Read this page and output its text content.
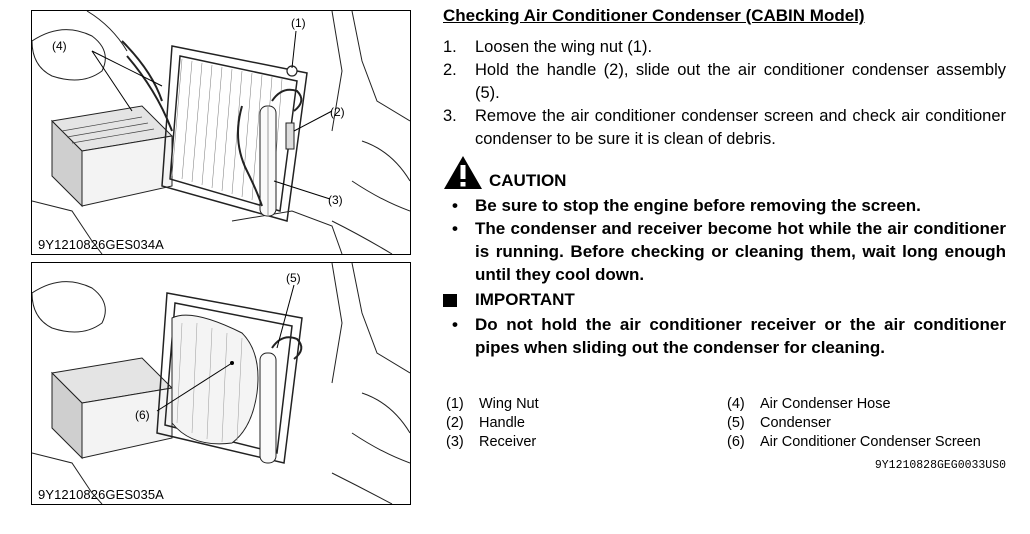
(1)
(4)
(2)
(3)
9Y1210826GES034A
(5)
(6)
9Y1210826GES035A
Checking Air Conditioner Condenser (CABIN Model)
1. Loosen the wing nut (1).
2. Hold the handle (2), slide out the air conditioner condenser assembly (5).
3. Remove the air conditioner condenser screen and check air conditioner condenser to be sure it is clean of debris.
CAUTION
• Be sure to stop the engine before removing the screen.
• The condenser and receiver become hot while the air conditioner is running. Before checking or cleaning them, wait long enough until they cool down.
IMPORTANT
• Do not hold the air conditioner receiver or the air conditioner pipes when sliding out the condenser for cleaning.
(1) Wing Nut
(2) Handle
(3) Receiver
(4) Air Condenser Hose
(5) Condenser
(6) Air Conditioner Condenser Screen
9Y1210828GEG0033US0
